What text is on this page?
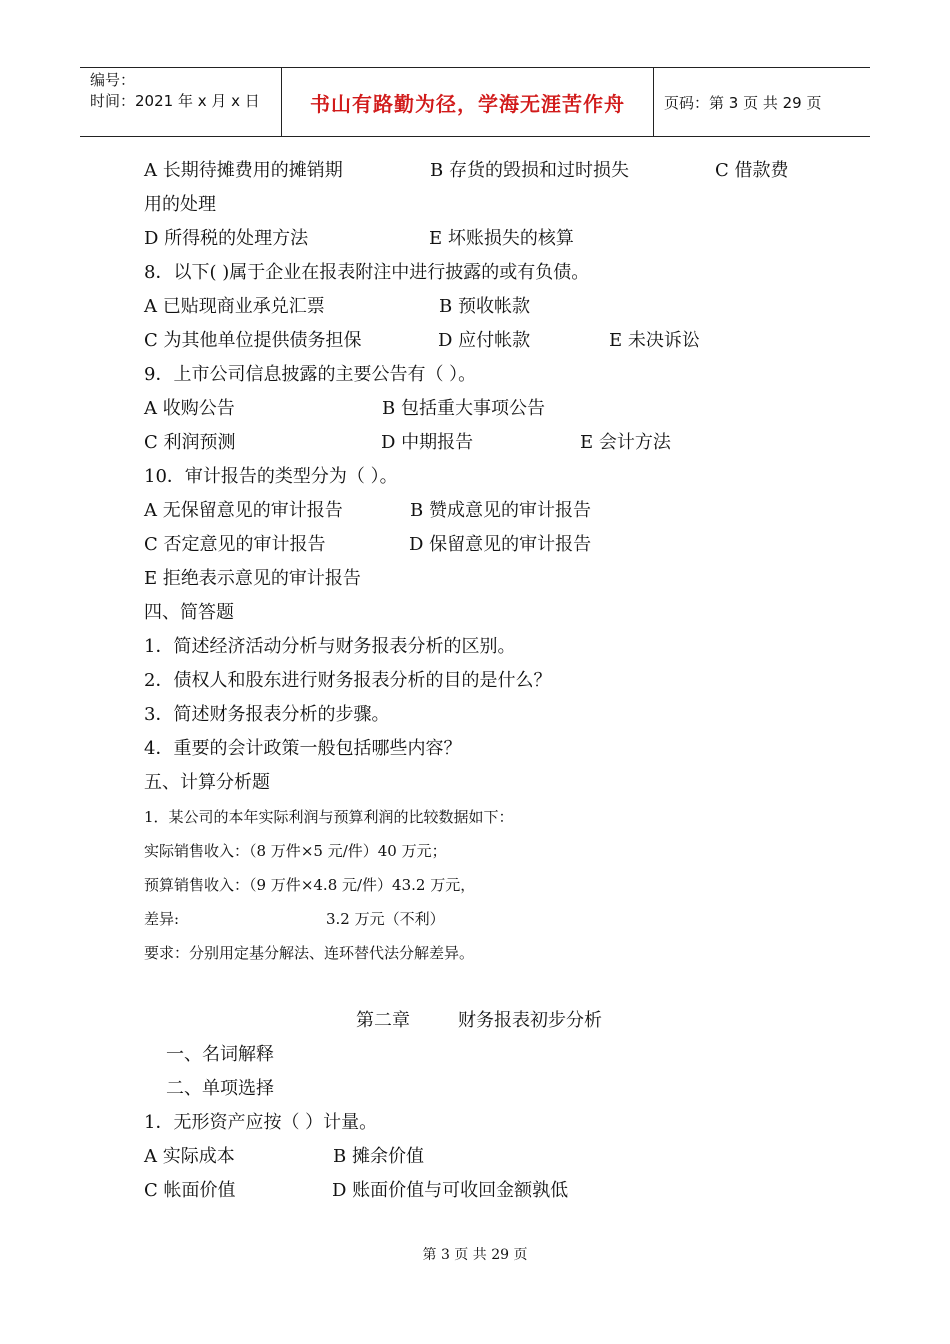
编号：
时间：2021 年 x 月 x 日	书山有路勤为径，学海无涯苦作舟	页码：第 3 页 共 29 页
A 长期待摊费用的摊销期	B 存货的毁损和过时损失	C 借款费
用的处理
D 所得税的处理方法	E 坏账损失的核算
8．以下( )属于企业在报表附注中进行披露的或有负债。
A 已贴现商业承兑汇票	B 预收帐款
C 为其他单位提供债务担保	D 应付帐款	E 未决诉讼
9．上市公司信息披露的主要公告有（ ）。
A 收购公告	B 包括重大事项公告
C 利润预测	D 中期报告	E 会计方法
10．审计报告的类型分为（ ）。
A 无保留意见的审计报告	B 赞成意见的审计报告
C 否定意见的审计报告	D 保留意见的审计报告
E 拒绝表示意见的审计报告
四、简答题
1．简述经济活动分析与财务报表分析的区别。
2．债权人和股东进行财务报表分析的目的是什么？
3．简述财务报表分析的步骤。
4．重要的会计政策一般包括哪些内容？
五、计算分析题
1．某公司的本年实际利润与预算利润的比较数据如下：
实际销售收入：（8 万件×5 元/件）40 万元；
预算销售收入：（9 万件×4.8 元/件）43.2 万元，
差异:	3.2 万元（不利）
要求：分别用定基分解法、连环替代法分解差异。
第二章	财务报表初步分析
一、名词解释
二、单项选择
1．无形资产应按（ ）计量。
A 实际成本	B 摊余价值
C 帐面价值	D 账面价值与可收回金额孰低
第 3 页 共 29 页
